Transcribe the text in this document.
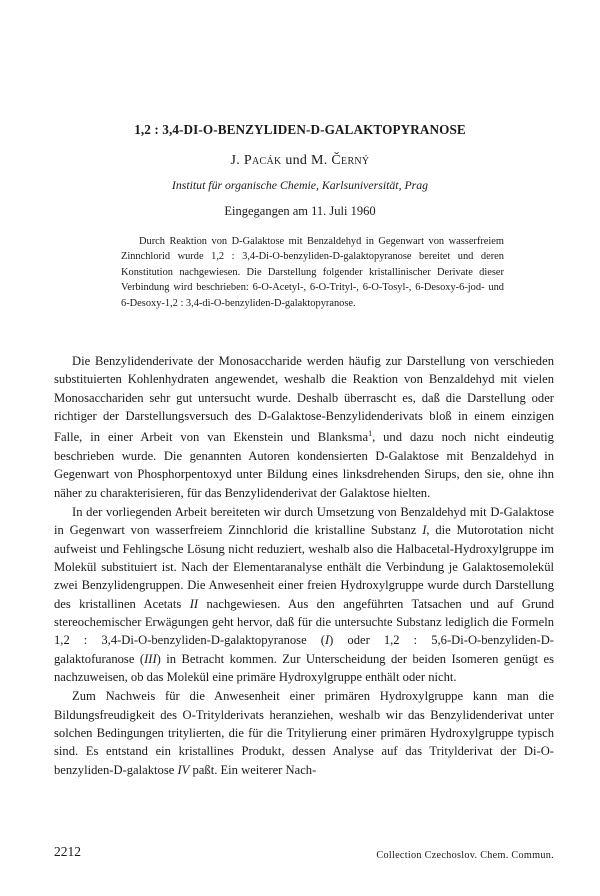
1,2 : 3,4-DI-O-BENZYLIDEN-D-GALAKTOPYRANOSE
J. Pacák und M. Černý
Institut für organische Chemie, Karlsuniversität, Prag
Eingegangen am 11. Juli 1960

Durch Reaktion von D-Galaktose mit Benzaldehyd in Gegenwart von wasserfreiem Zinnchlorid wurde 1,2 : 3,4-Di-O-benzyliden-D-galaktopyranose bereitet und deren Konstitution nachgewiesen. Die Darstellung folgender kristallinischer Derivate dieser Verbindung wird beschrieben: 6-O-Acetyl-, 6-O-Trityl-, 6-O-Tosyl-, 6-Desoxy-6-jod- und 6-Desoxy-1,2 : 3,4-di-O-benzyliden-D-galaktopyranose.

Die Benzylidenderivate der Monosaccharide werden häufig zur Darstellung von verschieden substituierten Kohlenhydraten angewendet, weshalb die Reaktion von Benzaldehyd mit vielen Monosacchariden sehr gut untersucht wurde. Deshalb überrascht es, daß die Darstellung oder richtiger der Darstellungsversuch des D-Galaktose-Benzylidenderivats bloß in einem einzigen Falle, in einer Arbeit von van Ekenstein und Blanksma$^1$, und dazu noch nicht eindeutig beschrieben wurde. Die genannten Autoren kondensierten D-Galaktose mit Benzaldehyd in Gegenwart von Phosphorpentoxyd unter Bildung eines linksdrehenden Sirups, den sie, ohne ihn näher zu charakterisieren, für das Benzylidenderivat der Galaktose hielten.

In der vorliegenden Arbeit bereiteten wir durch Umsetzung von Benzaldehyd mit D-Galaktose in Gegenwart von wasserfreiem Zinnchlorid die kristalline Substanz I, die Mutorotation nicht aufweist und Fehlingsche Lösung nicht reduziert, weshalb also die Halbacetal-Hydroxylgruppe im Molekül substituiert ist. Nach der Elementaranalyse enthält die Verbindung je Galaktosemolekül zwei Benzylidengruppen. Die Anwesenheit einer freien Hydroxylgruppe wurde durch Darstellung des kristallinen Acetats II nachgewiesen. Aus den angeführten Tatsachen und auf Grund stereochemischer Erwägungen geht hervor, daß für die untersuchte Substanz lediglich die Formeln 1,2 : 3,4-Di-O-benzyliden-D-galaktopyranose (I) oder 1,2 : 5,6-Di-O-benzyliden-D-galaktofuranose (III) in Betracht kommen. Zur Unterscheidung der beiden Isomeren genügt es nachzuweisen, ob das Molekül eine primäre Hydroxylgruppe enthält oder nicht.

Zum Nachweis für die Anwesenheit einer primären Hydroxylgruppe kann man die Bildungsfreudigkeit des O-Tritylderivats heranziehen, weshalb wir das Benzylidenderivat unter solchen Bedingungen tritylierten, die für die Tritylierung einer primären Hydroxylgruppe typisch sind. Es entstand ein kristallines Produkt, dessen Analyse auf das Tritylderivat der Di-O-benzyliden-D-galaktose IV paßt. Ein weiterer Nach-

2212	Collection Czechoslov. Chem. Commun.
